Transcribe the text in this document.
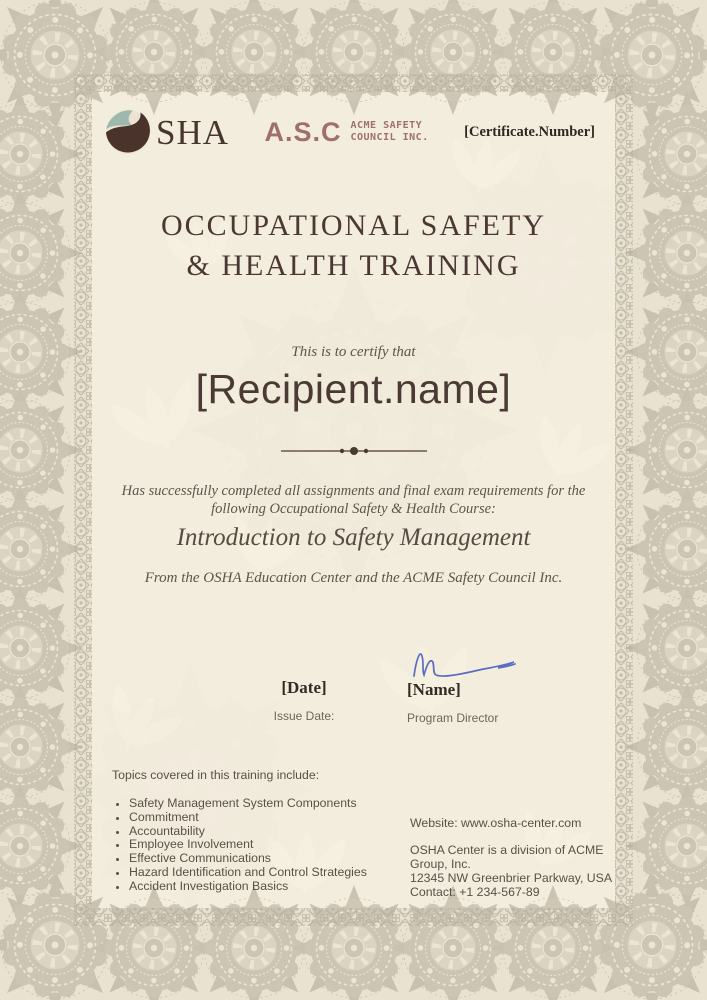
SHA A.S.C ACME SAFETY
COUNCIL INC. [Certificate.Number]
OCCUPATIONAL SAFETY
& HEALTH TRAINING
This is to certify that
[Recipient.name]
Has successfully completed all assignments and final exam requirements for the
following Occupational Safety & Health Course:
Introduction to Safety Management
From the OSHA Education Center and the ACME Safety Council Inc.
[Date]
Issue Date:
[Name]
Program Director
Topics covered in this training include:
• Safety Management System Components
• Commitment
• Accountability
• Employee Involvement
• Effective Communications
• Hazard Identification and Control Strategies
• Accident Investigation Basics
Website: www.osha-center.com
OSHA Center is a division of ACME Group, Inc.
12345 NW Greenbrier Parkway, USA
Contact: +1 234-567-89
